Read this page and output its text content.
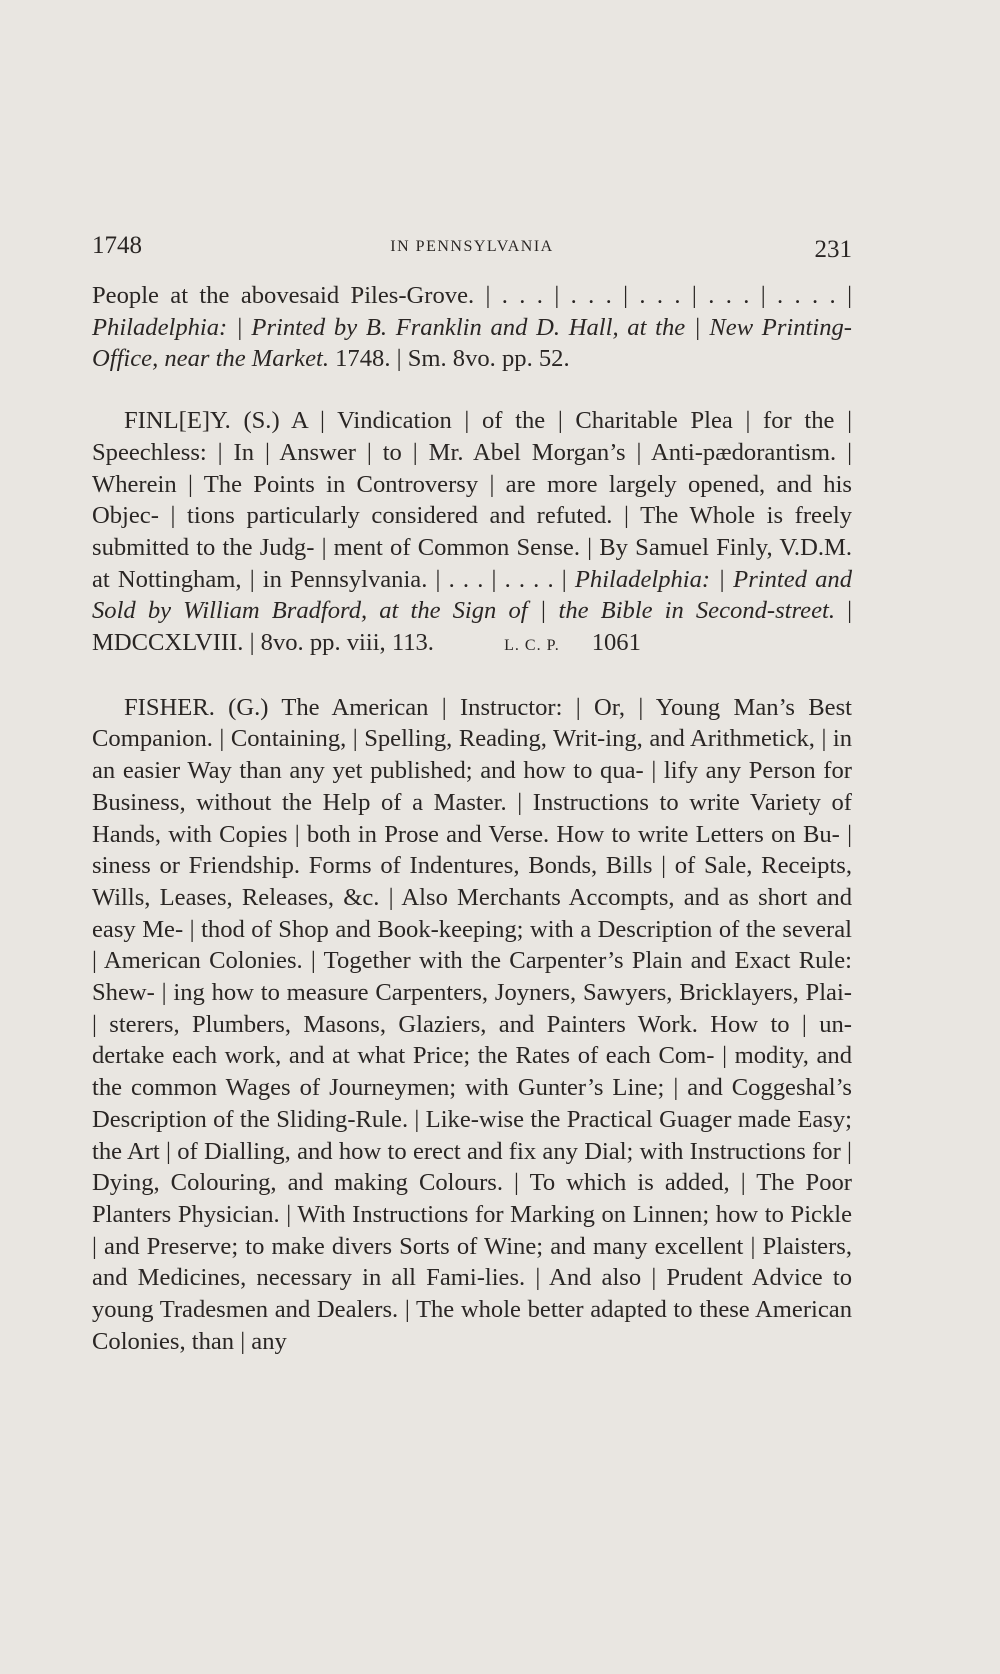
1748	IN PENNSYLVANIA	231

People at the abovesaid Piles-Grove. | . . . | . . . | . . . | . . . | . . . . | Philadelphia: | Printed by B. Franklin and D. Hall, at the | New Printing-Office, near the Market. 1748. | Sm. 8vo. pp. 52.

FINL[E]Y. (S.) A | Vindication | of the | Charitable Plea | for the | Speechless: | In | Answer | to | Mr. Abel Morgan’s | Anti-pædorantism. | Wherein | The Points in Controversy | are more largely opened, and his Objec- | tions particularly considered and refuted. | The Whole is freely submitted to the Judg- | ment of Common Sense. | By Samuel Finly, V.D.M. at Nottingham, | in Pennsylvania. | . . . | . . . . | Philadelphia: | Printed and Sold by William Bradford, at the Sign of | the Bible in Second-street. | MDCCXLVIII. | 8vo. pp. viii, 113.	L. C. P. 1061

FISHER. (G.) The American | Instructor: | Or, | Young Man’s Best Companion. | Containing, | Spelling, Reading, Writ-ing, and Arithmetick, | in an easier Way than any yet published; and how to qua- | lify any Person for Business, without the Help of a Master. | Instructions to write Variety of Hands, with Copies | both in Prose and Verse. How to write Letters on Bu- | siness or Friendship. Forms of Indentures, Bonds, Bills | of Sale, Receipts, Wills, Leases, Releases, &c. | Also Merchants Accompts, and as short and easy Me- | thod of Shop and Book-keeping; with a Description of the several | American Colonies. | Together with the Carpenter’s Plain and Exact Rule: Shew- | ing how to measure Carpenters, Joyners, Sawyers, Bricklayers, Plai- | sterers, Plumbers, Masons, Glaziers, and Painters Work. How to | un-dertake each work, and at what Price; the Rates of each Com- | modity, and the common Wages of Journeymen; with Gunter’s Line; | and Coggeshal’s Description of the Sliding-Rule. | Like-wise the Practical Guager made Easy; the Art | of Dialling, and how to erect and fix any Dial; with Instructions for | Dying, Colouring, and making Colours. | To which is added, | The Poor Planters Physician. | With Instructions for Marking on Linnen; how to Pickle | and Preserve; to make divers Sorts of Wine; and many excellent | Plaisters, and Medicines, necessary in all Fami-lies. | And also | Prudent Advice to young Tradesmen and Dealers. | The whole better adapted to these American Colonies, than | any
